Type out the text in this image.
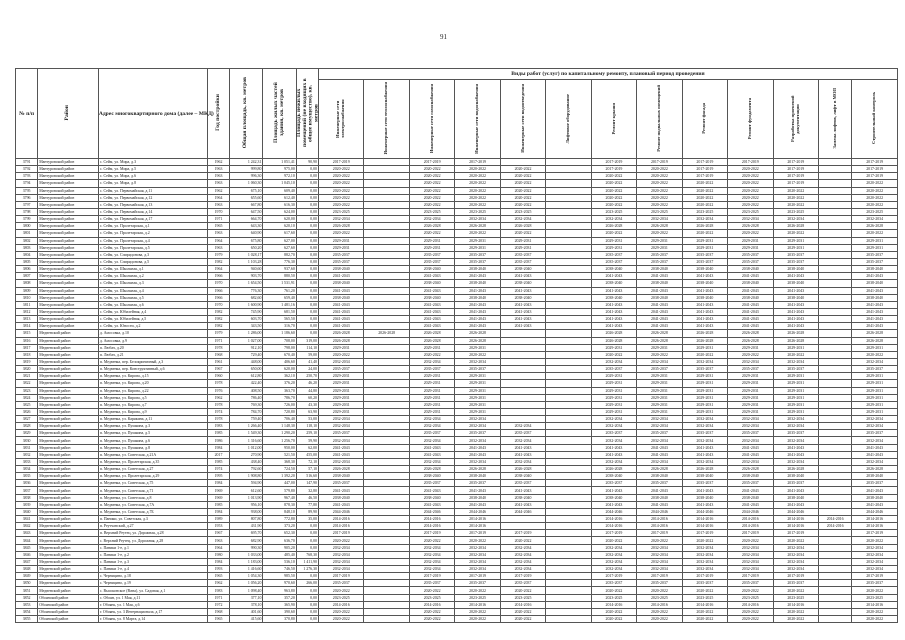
91
№ п/п	Район	Адрес многоквартирного дома (далее – МКД)	Год постройки	Общая площадь, кв. метров	Площадь жилых частей здания, кв. метров	Площадь нежилых помещений (не входящих в общее имущество), кв. метров	Виды работ (услуг) по капитальному ремонту, плановый период проведения												
							Инженерные сети электроснабжения	Инженерные сети теплоснабжения	Инженерные сети газоснабжения	Инженерные сети водоснабжения	Инженерные сети водоотведения	Лифтовое оборудование	Ремонт крыши	Ремонт подвальных помещений	Ремонт фасада	Ремонт фундамента	Разработка проектной документации	Замена лифтов, лифт в МОП	Строительный контроль
3791	Мантуровский район	с. Сейм, ул. Мира, д.3	1962	1 242,31	1 051,41	90,90	2017-2019		2017-2019	2017-2019			2017-2019	2017-2019	2017-2019	2017-2019	2017-2019		2017-2019
3792	Мантуровский район	с. Сейм, ул. Мира, д.5	1963	999,80	975,00	0,00	2020-2022		2020-2022	2020-2022	2020-2022		2017-2019	2020-2022	2017-2019	2020-2022	2017-2019		2017-2019
3793	Мантуровский район	с. Сейм, ул. Мира, д.6	1963	996,30	972,10	0,00	2020-2022		2020-2022	2020-2022	2020-2022		2020-2022	2020-2022	2017-2019	2020-2022	2017-2019		2017-2019
3794	Мантуровский район	с. Сейм, ул. Мира, д.8	1963	1 060,30	1 045,10	0,00	2020-2022		2020-2022	2020-2022	2020-2022		2020-2022	2020-2022	2020-2022	2020-2022	2017-2019		2020-2022
3795	Мантуровский район	с. Сейм, ул. Первомайская, д.11	1962	675,10	609,40	0,00	2020-2022		2020-2022	2020-2022	2020-2022		2020-2022	2020-2022	2020-2022	2020-2022	2020-2022		2020-2022
3796	Мантуровский район	с. Сейм, ул. Первомайская, д.12	1964	655,60	612,40	0,00	2020-2022		2020-2022	2020-2022	2020-2022		2020-2022	2020-2022	2020-2022	2020-2022	2020-2022		2020-2022
3797	Мантуровский район	с. Сейм, ул. Первомайская, д.13	1963	667,80	616,30	0,00	2020-2022		2020-2022	2020-2022	2020-2022		2020-2022	2020-2022	2020-2022	2020-2022	2020-2022		2020-2022
3798	Мантуровский район	с. Сейм, ул. Первомайская, д.14	1970	647,50	624,00	0,00	2023-2025		2023-2025	2023-2025	2023-2025		2023-2025	2023-2025	2023-2025	2023-2025	2023-2025		2023-2025
3799	Мантуровский район	с. Сейм, ул. Первомайская, д.17	1971	664,70	620,00	0,00	2032-2034		2032-2034	2032-2034	2032-2034		2032-2034	2032-2034	2032-2034	2032-2034	2032-2034		2032-2034
3800	Мантуровский район	с. Сейм, ул. Пролетарская, д.1	1965	643,30	620,10	0,00	2026-2028		2026-2028	2026-2028	2026-2028		2026-2028	2026-2028	2026-2028	2026-2028	2026-2028		2026-2028
3801	Мантуровский район	с. Сейм, ул. Пролетарская, д.2	1963	640,90	617,60	0,00	2020-2022		2020-2022	2020-2022	2020-2022		2020-2022	2020-2022	2020-2022	2020-2022	2020-2022		2020-2022
3802	Мантуровский район	с. Сейм, ул. Пролетарская, д.4	1964	675,80	627,00	0,00	2029-2031		2029-2031	2029-2031	2029-2031		2029-2031	2029-2031	2029-2031	2029-2031	2029-2031		2029-2031
3803	Мантуровский район	с. Сейм, ул. Пролетарская, д.5	1963	650,20	627,60	0,00	2029-2031		2029-2031	2029-2031	2029-2031		2029-2031	2029-2031	2029-2031	2029-2031	2029-2031		2029-2031
3804	Мантуровский район	с. Сейм, ул. Спиридонова, д.3	1979	1 028,17	882,70	0,00	2035-2037		2035-2037	2035-2037	2035-2037		2035-2037	2035-2037	2035-2037	2035-2037	2035-2037		2035-2037
3805	Мантуровский район	с. Сейм, ул. Спиридонова, д.5	1982	1 103,28	776,30	0,00	2035-2037		2035-2037	2035-2037	2035-2037		2035-2037	2035-2037	2035-2037	2035-2037	2035-2037		2035-2037
3806	Мантуровский район	с. Сейм, ул. Школьная, д.1	1964	940,60	937,60	0,00	2038-2040		2038-2040	2038-2040	2038-2040		2038-2040	2038-2040	2038-2040	2038-2040	2038-2040		2038-2040
3807	Мантуровский район	с. Сейм, ул. Школьная, д.2	1966	903,70	880,50	0,00	2041-2043		2041-2043	2041-2043	2041-2043		2041-2043	2041-2043	2041-2043	2041-2043	2041-2043		2041-2043
3808	Мантуровский район	с. Сейм, ул. Школьная, д.3	1970	1 654,50	1 531,91	0,00	2038-2040		2038-2040	2038-2040	2038-2040		2038-2040	2038-2040	2038-2040	2038-2040	2038-2040		2038-2040
3809	Мантуровский район	с. Сейм, ул. Школьная, д.4	1966	776,30	761,20	0,00	2041-2043		2041-2043	2041-2043	2041-2043		2041-2043	2041-2043	2041-2043	2041-2043	2041-2043		2041-2043
3810	Мантуровский район	с. Сейм, ул. Школьная, д.5	1966	682,60	659,40	0,00	2038-2040		2038-2040	2038-2040	2038-2040		2038-2040	2038-2040	2038-2040	2038-2040	2038-2040		2038-2040
3811	Мантуровский район	с. Сейм, ул. Школьная, д.6	1970	1 600,90	1 481,16	0,00	2041-2043		2041-2043	2041-2043	2041-2043		2041-2043	2041-2043	2041-2043	2041-2043	2041-2043		2041-2043
3812	Мантуровский район	с. Сейм, ул. Юбилейная, д.4	1982	745,90	681,50	0,00	2041-2043		2041-2043	2041-2043	2041-2043		2041-2043	2041-2043	2041-2043	2041-2043	2041-2043		2041-2043
3813	Мантуровский район	с. Сейм, ул. Юбилейная, д.5	1982	603,70	565,50	0,00	2041-2043		2041-2043	2041-2043	2041-2043		2041-2043	2041-2043	2041-2043	2041-2043	2041-2043		2041-2043
3814	Мантуровский район	с. Сейм, ул. Юности, д.2	1982	343,50	316,70	0,00	2041-2043		2041-2043	2041-2043	2041-2043		2041-2043	2041-2043	2041-2043	2041-2043	2041-2043		2041-2043
3815	Медвенский район	д. Амосовка, д.10	1979	1 286,00	1 186,60	0,00	2026-2028	2026-2028	2026-2028	2026-2028			2026-2028	2026-2028	2026-2028	2026-2028	2026-2028		2026-2028
3816	Медвенский район	д. Амосовка, д.9	1971	1 027,00	708,00	319,00	2026-2028		2026-2028	2026-2028			2026-2028	2026-2028	2026-2028	2026-2028	2026-2028		2026-2028
3817	Медвенский район	п. Любач, д.20	1978	912,10	798,00	114,10	2029-2031		2029-2031	2029-2031			2029-2031	2029-2031	2029-2031	2029-2031	2029-2031		2029-2031
3818	Медвенский район	п. Любач, д.21	1968	729,40	670,40	59,00	2020-2022		2020-2022	2020-2022			2020-2022	2020-2022	2020-2022	2020-2022	2020-2022		2020-2022
3819	Медвенский район	п. Медвенка, пер. Белокриничный, д.3	1961	448,00	406,60	41,40	2032-2034		2032-2034	2032-2034			2032-2034	2032-2034	2032-2034	2032-2034	2032-2034		2032-2034
3820	Медвенский район	п. Медвенка, пер. Конструктивный, д.6	1967	650,00	620,00	24,00	2035-2037		2035-2037	2035-2037			2035-2037	2035-2037	2035-2037	2035-2037	2035-2037		2035-2037
3821	Медвенский район	п. Медвенка, ул. Кирова, д.15	1960	612,80	362,10	250,70	2029-2031		2029-2031	2029-2031			2029-2031	2029-2031	2029-2031	2029-2031	2029-2031		2029-2031
3822	Медвенский район	п. Медвенка, ул. Кирова, д.20	1978	422,40	376,20	46,20	2029-2031		2029-2031	2029-2031			2029-2031	2029-2031	2029-2031	2029-2031	2029-2031		2029-2031
3823	Медвенский район	п. Медвенка, ул. Кирова, д.22	1976	408,50	363,70	44,80	2029-2031		2029-2031	2029-2031			2029-2031	2029-2031	2029-2031	2029-2031	2029-2031		2029-2031
3824	Медвенский район	п. Медвенка, ул. Кирова, д.5	1962	786,40	786,70	60,20	2029-2031		2029-2031	2029-2031			2029-2031	2029-2031	2029-2031	2029-2031	2029-2031		2029-2031
3825	Медвенский район	п. Медвенка, ул. Кирова, д.7	1978	769,30	726,00	43,30	2029-2031		2029-2031	2029-2031			2029-2031	2029-2031	2029-2031	2029-2031	2029-2031		2029-2031
3826	Медвенский район	п. Медвенка, ул. Кирова, д.9	1974	784,70	720,80	63,90	2029-2031		2029-2031	2029-2031			2029-2031	2029-2031	2029-2031	2029-2031	2029-2031		2029-2031
3827	Медвенский район	п. Медвенка, ул. Карякина, д.11	1978	759,40	706,40	53,00	2032-2034		2032-2034	2032-2034			2032-2034	2032-2034	2032-2034	2032-2034	2032-2034		2032-2034
3828	Медвенский район	п. Медвенка, ул. Пушкина, д.3	1983	1 266,40	1 148,30	118,10	2032-2034		2032-2034	2032-2034	2032-2034		2032-2034	2032-2034	2032-2034	2032-2034	2032-2034		2032-2034
3829	Медвенский район	п. Медвенка, ул. Пушкина, д.5	1985	1 549,30	1 290,20	259,10	2035-2037		2035-2037	2035-2037	2035-2037		2035-2037	2035-2037	2035-2037	2035-2037	2035-2037		2035-2037
3830	Медвенский район	п. Медвенка, ул. Пушкина, д.6	1986	1 316,60	1 256,70	59,90	2032-2034		2032-2034	2032-2034	2032-2034		2032-2034	2032-2034	2032-2034	2032-2034	2032-2034		2032-2034
3831	Медвенский район	п. Медвенка, ул. Пушкина, д.8	1984	1 012,00	950,00	62,00	2041-2043		2041-2043	2041-2043	2041-2043		2041-2043	2041-2043	2041-2043	2041-2043	2041-2043		2041-2043
3832	Медвенский район	п. Медвенка, ул. Советская, д.21А	2017	270,90	521,50	455,00	2041-2043		2041-2043	2041-2043	2041-2043		2041-2043	2041-2043	2041-2043	2041-2043	2041-2043		2041-2043
3833	Медвенский район	п. Медвенка, ул. Пролетарская, д.35	1985	438,40	368,30	72,10	2032-2034		2032-2034	2032-2034	2032-2034		2032-2034	2032-2034	2032-2034	2032-2034	2032-2034		2032-2034
3834	Медвенский район	п. Медвенка, ул. Советская, д.27	1974	792,60	724,50	57,10	2026-2028		2026-2028	2026-2028	2026-2028		2026-2028	2026-2028	2026-2028	2026-2028	2026-2028		2026-2028
3835	Медвенский район	п. Медвенка, ул. Пролетарская, д.29	1995	1 908,80	1 392,20	516,60	2038-2040		2038-2040	2038-2040	2038-2040		2038-2040	2038-2040	2038-2040	2038-2040	2038-2040		2038-2040
3836	Медвенский район	п. Медвенка, ул. Советская, д.75	1984	594,90	447,00	147,90	2035-2037		2035-2037	2035-2037	2035-2037		2035-2037	2035-2037	2035-2037	2035-2037	2035-2037		2035-2037
3837	Медвенский район	п. Медвенка, ул. Советская, д.71	1969	612,60	579,80	32,80	2041-2043		2041-2043	2041-2043	2041-2043		2041-2043	2041-2043	2041-2043	2041-2043	2041-2043		2041-2043
3838	Медвенский район	п. Медвенка, ул. Советская, д.8	1969	1 013,90	967,40	46,50	2038-2040		2038-2040	2038-2040	2038-2040		2038-2040	2038-2040	2038-2040	2038-2040	2038-2040		2038-2040
3839	Медвенский район	п. Медвенка, ул. Советская, д.7А	1985	956,10	878,30	77,80	2041-2043		2041-2043	2041-2043	2041-2043		2041-2043	2041-2043	2041-2043	2041-2043	2041-2043		2041-2043
3840	Медвенский район	п. Медвенка, ул. Советская, д.7Б	1984	938,00	848,10	89,90	2044-2046		2044-2046	2044-2046	2044-2046		2044-2046	2044-2046	2044-2046	2044-2046	2044-2046		2044-2046
3841	Медвенский район	п. Паники, ул. Советская, д.3	1989	807,80	772,80	35,00	2014-2016		2014-2016	2014-2016			2014-2016	2014-2016	2014-2016	2014-2016	2014-2016	2014-2016	2014-2016
3842	Медвенский район	п. Реутчанский, д.27	1953	431,90	373,20	0,00	2014-2016		2014-2016	2014-2016			2014-2016	2014-2016	2014-2016	2014-2016	2014-2016	2014-2016	2014-2016
3843	Медвенский район	п. Верхний Реутец, ул. Дорожная, д.28	1967	695,70	652,30	0,00	2017-2019		2017-2019	2017-2019	2017-2019		2017-2019	2017-2019	2017-2019	2017-2019	2017-2019		2017-2019
3844	Медвенский район	с. Верхний Реутец, ул. Дорожная, д.28	1963	682,90	636,70	0,00	2020-2022		2020-2022	2020-2022	2020-2022		2020-2022	2020-2022	2020-2022	2020-2022	2020-2022		2020-2022
3845	Медвенский район	с. Паники 1-е, д.1	1964	990,30	905,20	0,00	2032-2034		2032-2034	2032-2034	2032-2034		2032-2034	2032-2034	2032-2034	2032-2034	2032-2034		2032-2034
3846	Медвенский район	с. Паники 1-е, д.2	1980	1 033,00	485,40	768,30	2032-2034		2032-2034	2032-2034	2032-2034		2032-2034	2032-2034	2032-2034	2032-2034	2032-2034		2032-2034
3847	Медвенский район	с. Паники 1-е, д.3	1984	1 183,00	536,10	1 411,90	2032-2034		2032-2034	2032-2034	2032-2034		2032-2034	2032-2034	2032-2034	2032-2034	2032-2034		2032-2034
3848	Медвенский район	с. Паники 1-е, д.4	1993	1 416,60	746,50	1 276,30	2032-2034		2032-2034	2032-2034	2032-2034		2032-2034	2032-2034	2032-2034	2032-2034	2032-2034		2032-2034
3849	Медвенский район	с. Черницино, д.18	1965	1 054,30	985,50	0,00	2017-2019		2017-2019	2017-2019	2017-2019		2017-2019	2017-2019	2017-2019	2017-2019	2017-2019		2017-2019
3850	Медвенский район	с. Черницино, д.19	1962	1 056,20	970,60	266,00	2035-2037		2035-2037	2035-2037	2035-2037		2035-2037	2035-2037	2035-2037	2035-2037	2035-2037		2035-2037
3851	Медвенский район	с. Высоконское (Ваты), ул. Садовая, д.1	1983	1 098,40	963,80	0,00	2020-2022		2020-2022	2020-2022	2020-2022		2020-2022	2020-2022	2020-2022	2020-2022	2020-2022		2020-2022
3852	Обоянский район	с. Обоян, ул. 1 Мая, д.11	1971	377,10	357,20	0,00	2023-2025		2023-2025	2023-2025	2023-2025		2023-2025	2023-2025	2023-2025	2023-2025	2023-2025		2023-2025
3853	Обоянский район	г. Обоянь, ул. 1 Мая, д.6	1972	378,10	365,90	0,00	2014-2016		2014-2016	2014-2016	2014-2016		2014-2016	2014-2016	2014-2016	2014-2016	2014-2016		2014-2016
3854	Обоянский район	г. Обоянь, ул. 3 Интернационала, д.17	1968	401,60	390,60	0,00	2020-2022		2020-2022	2020-2022	2020-2022		2020-2022	2020-2022	2020-2022	2020-2022	2020-2022		2020-2022
3855	Обоянский район	г. Обоянь, ул. 8 Марта, д.14	1965	415,60	370,80	0,00	2020-2022		2020-2022	2020-2022	2020-2022		2020-2022	2020-2022	2020-2022	2020-2022	2020-2022		2020-2022
